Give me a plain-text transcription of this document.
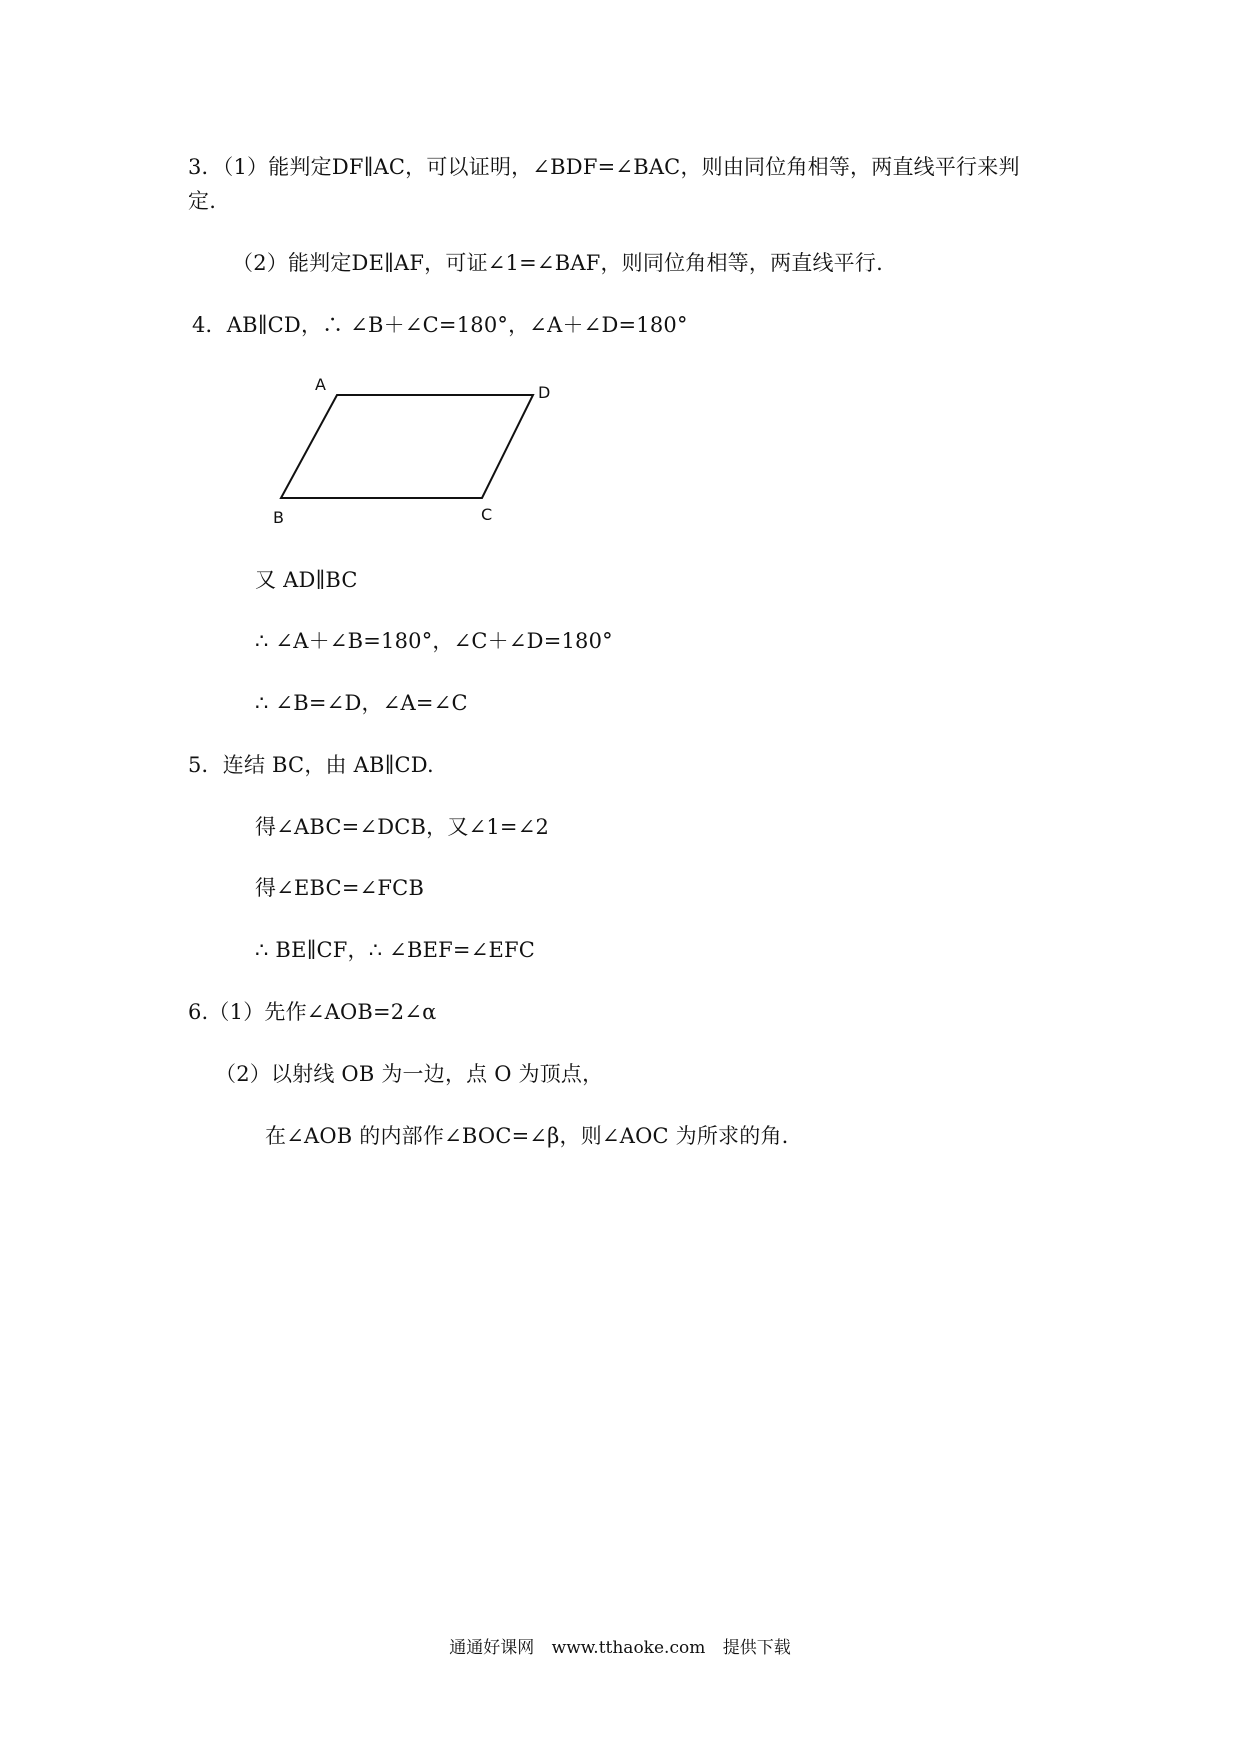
3．（1）能判定DF∥AC，可以证明，∠BDF=∠BAC，则由同位角相等，两直线平行来判
定.
（2）能判定DE∥AF，可证∠1=∠BAF，则同位角相等，两直线平行.
4．AB∥CD，∴ ∠B＋∠C=180°，∠A＋∠D=180°
A	D
B	C
又 AD∥BC
∴ ∠A＋∠B=180°，∠C＋∠D=180°
∴ ∠B=∠D，∠A=∠C
5．连结 BC，由 AB∥CD.
得∠ABC=∠DCB，又∠1=∠2
得∠EBC=∠FCB
∴ BE∥CF，∴ ∠BEF=∠EFC
6.（1）先作∠AOB=2∠α
（2）以射线 OB 为一边，点 O 为顶点，
在∠AOB 的内部作∠BOC=∠β，则∠AOC 为所求的角.
通通好课网 www.tthaoke.com 提供下载
